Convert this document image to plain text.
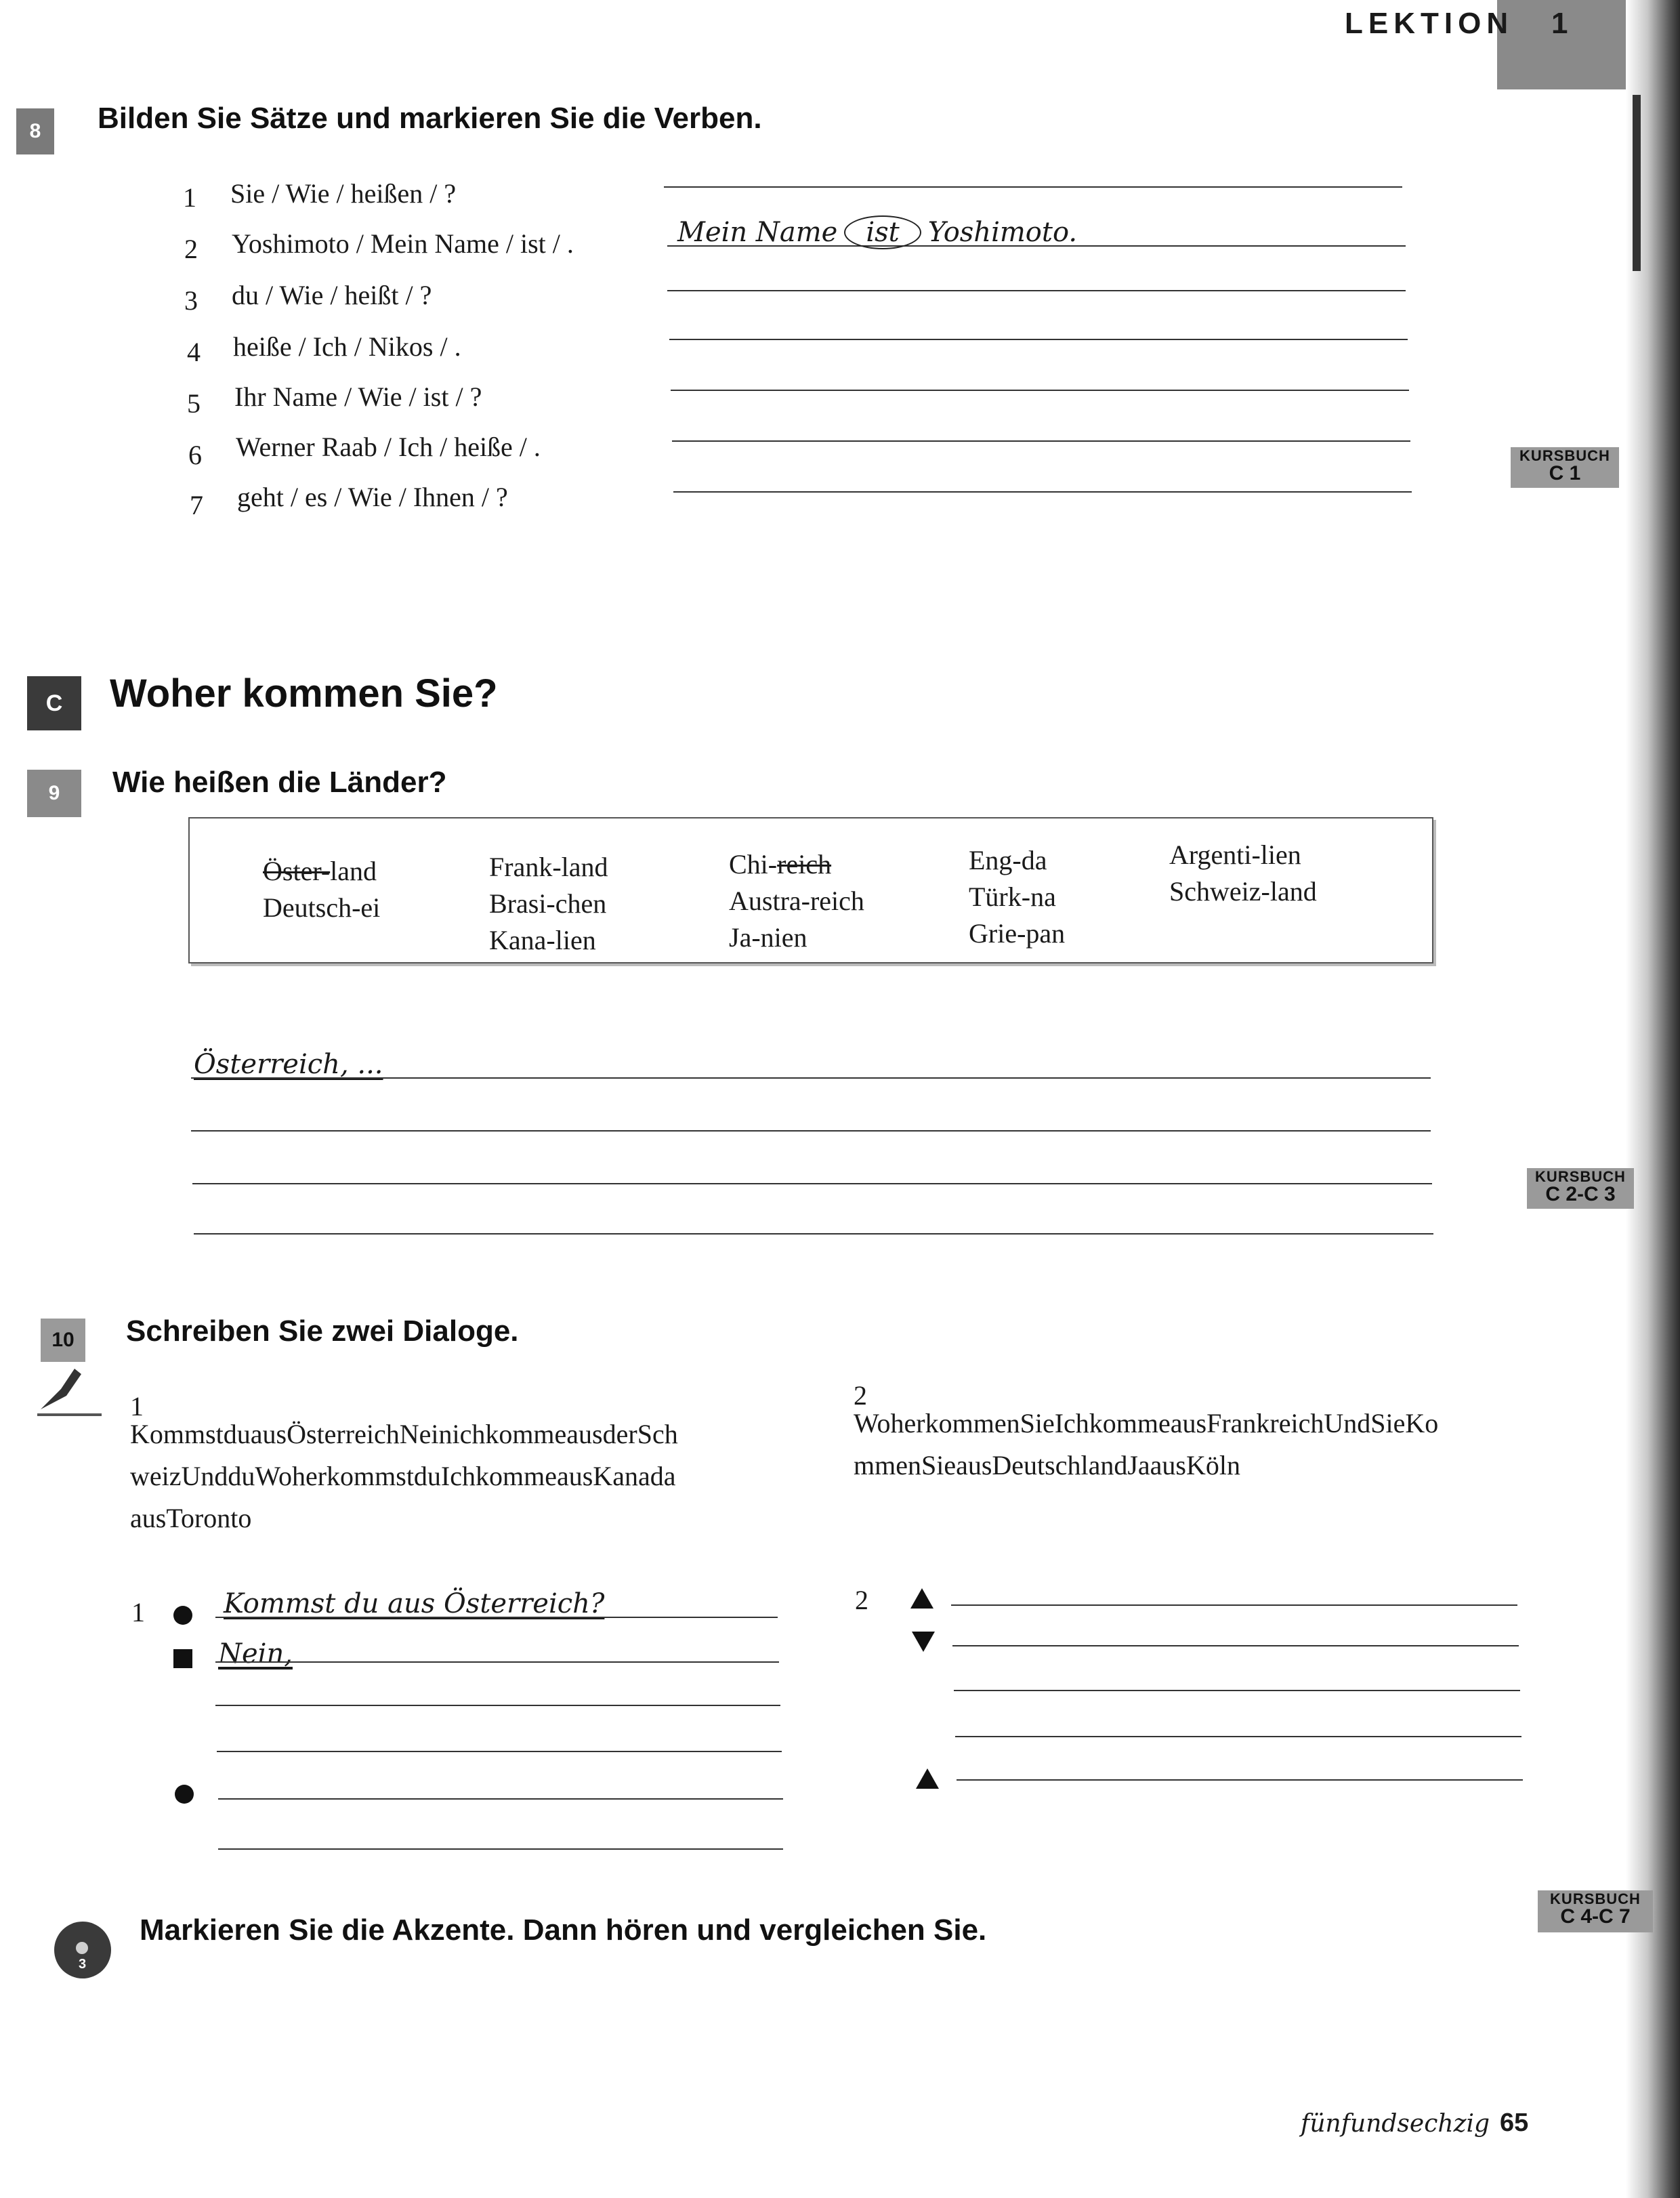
LEKTION 1
8	Bilden Sie Sätze und markieren Sie die Verben.
1 Sie / Wie / heißen / ?
2 Yoshimoto / Mein Name / ist / .	Mein Name ist Yoshimoto.
3 du / Wie / heißt / ?
4 heiße / Ich / Nikos / .
5 Ihr Name / Wie / ist / ?
6 Werner Raab / Ich / heiße / .
7 geht / es / Wie / Ihnen / ?
KURSBUCH
C 1
C	Woher kommen Sie?
9	Wie heißen die Länder?
Öster-land
Deutsch-ei
Frank-land
Brasi-chen
Kana-lien
Chi-reich
Austra-reich
Ja-nien
Eng-da
Türk-na
Grie-pan
Argenti-lien
Schweiz-land
Österreich, ...
KURSBUCH
C 2-C 3
10	Schreiben Sie zwei Dialoge.
1
KommstduausÖsterreichNeinichkommeausderSch
weizUndduWoherkommstduIchkommeausKanada
ausToronto
2
WoherkommenSieIchkommeausFrankreichUndSieKo
mmenSieausDeutschlandJaausKöln
1	Kommst du aus Österreich?
Nein,
2
KURSBUCH
C 4-C 7
3
Markieren Sie die Akzente. Dann hören und vergleichen Sie.
fünfundsechzig 65
